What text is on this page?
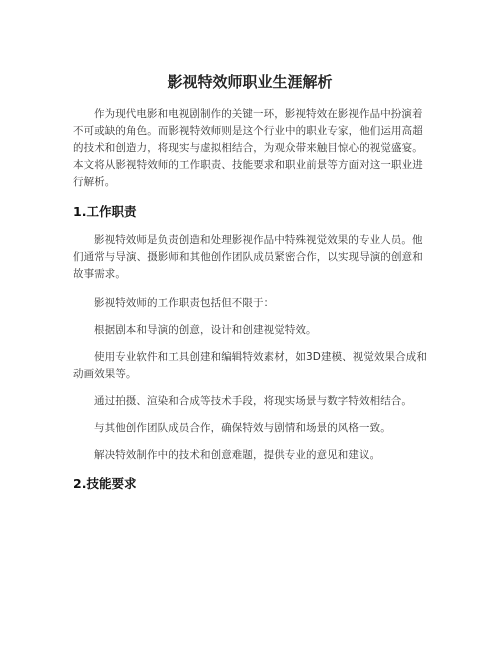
影视特效师职业生涯解析

作为现代电影和电视剧制作的关键一环，影视特效在影视作品中扮演着不可或缺的角色。而影视特效师则是这个行业中的职业专家，他们运用高超的技术和创造力，将现实与虚拟相结合，为观众带来触目惊心的视觉盛宴。本文将从影视特效师的工作职责、技能要求和职业前景等方面对这一职业进行解析。

1.工作职责

影视特效师是负责创造和处理影视作品中特殊视觉效果的专业人员。他们通常与导演、摄影师和其他创作团队成员紧密合作，以实现导演的创意和故事需求。

影视特效师的工作职责包括但不限于：

根据剧本和导演的创意，设计和创建视觉特效。

使用专业软件和工具创建和编辑特效素材，如3D建模、视觉效果合成和动画效果等。

通过拍摄、渲染和合成等技术手段，将现实场景与数字特效相结合。

与其他创作团队成员合作，确保特效与剧情和场景的风格一致。

解决特效制作中的技术和创意难题，提供专业的意见和建议。

2.技能要求
